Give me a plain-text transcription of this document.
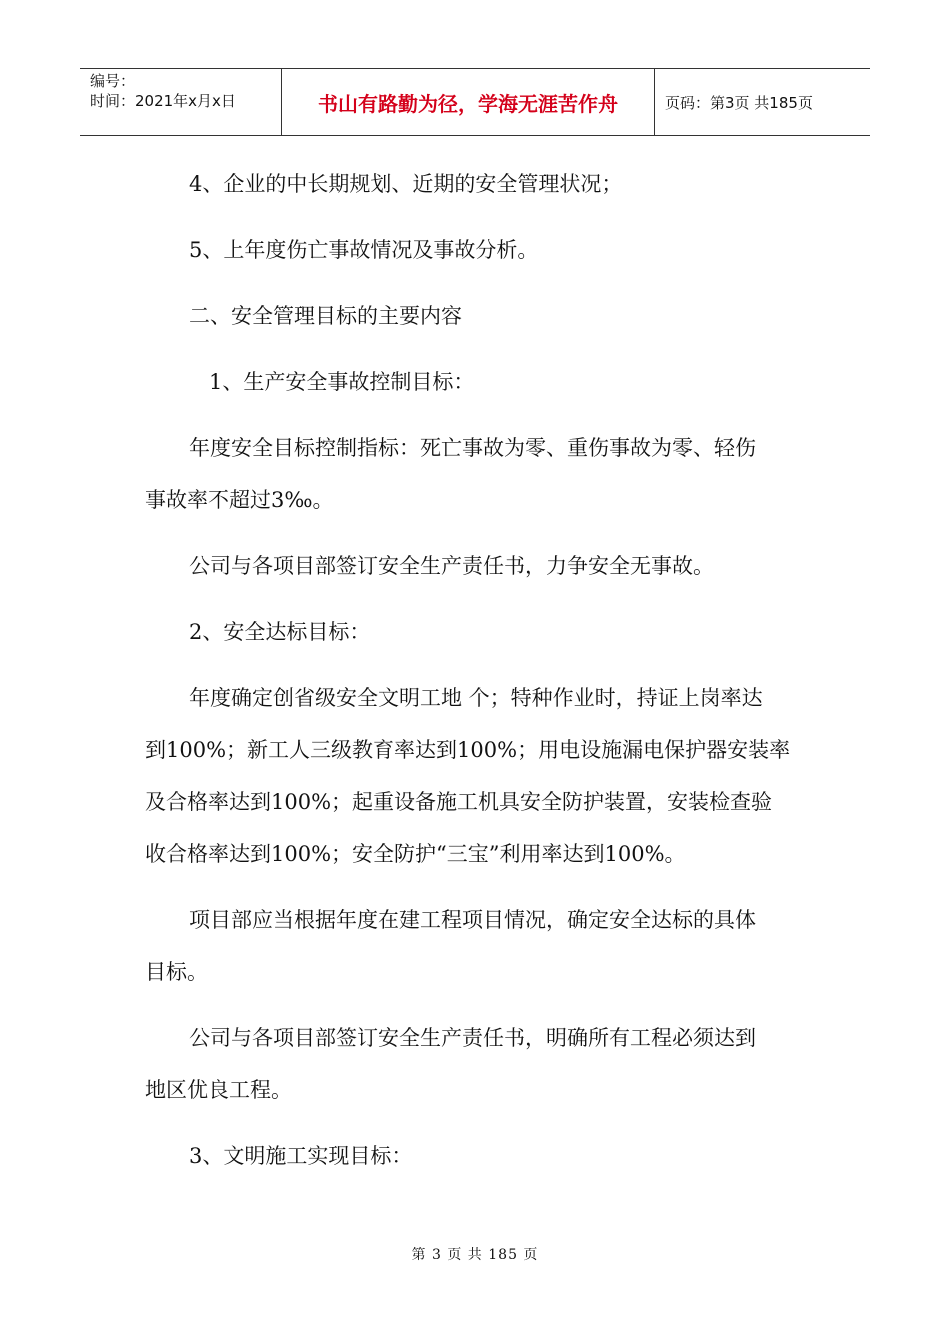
编号：
时间：2021年x月x日	书山有路勤为径，学海无涯苦作舟	页码：第3页 共185页
4、企业的中长期规划、近期的安全管理状况；
5、上年度伤亡事故情况及事故分析。
二、安全管理目标的主要内容
1、生产安全事故控制目标：
年度安全目标控制指标：死亡事故为零、重伤事故为零、轻伤
事故率不超过3‰。
公司与各项目部签订安全生产责任书，力争安全无事故。
2、安全达标目标：
年度确定创省级安全文明工地 个；特种作业时，持证上岗率达
到100%；新工人三级教育率达到100%；用电设施漏电保护器安装率
及合格率达到100%；起重设备施工机具安全防护装置，安装检查验
收合格率达到100%；安全防护“三宝”利用率达到100%。
项目部应当根据年度在建工程项目情况，确定安全达标的具体
目标。
公司与各项目部签订安全生产责任书，明确所有工程必须达到
地区优良工程。
3、文明施工实现目标：
第 3 页 共 185 页
